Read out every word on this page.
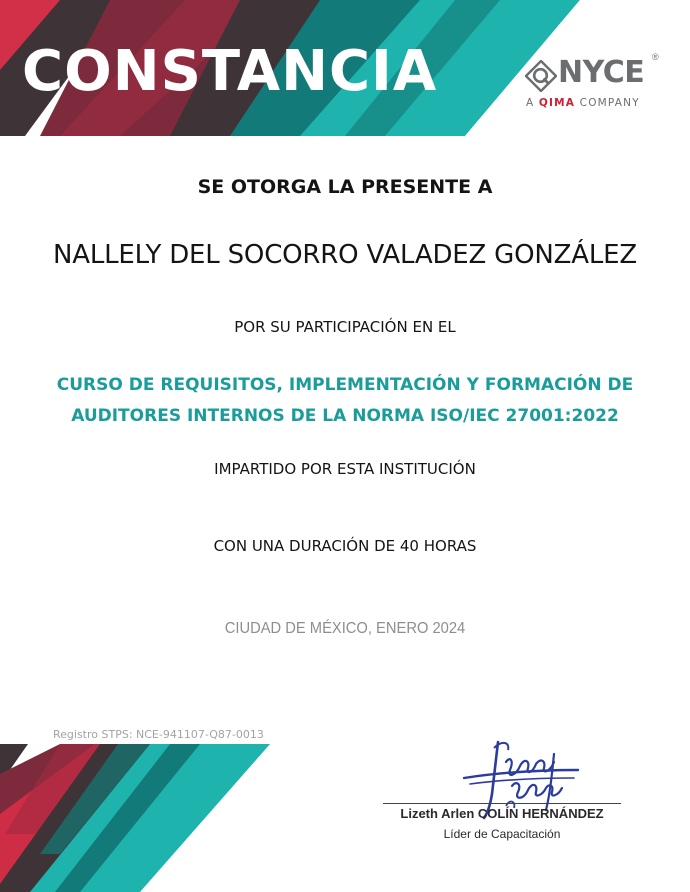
CONSTANCIA	NYCE ®
A QIMA COMPANY
SE OTORGA LA PRESENTE A
NALLELY DEL SOCORRO VALADEZ GONZÁLEZ
POR SU PARTICIPACIÓN EN EL
CURSO DE REQUISITOS, IMPLEMENTACIÓN Y FORMACIÓN DE
AUDITORES INTERNOS DE LA NORMA ISO/IEC 27001:2022
IMPARTIDO POR ESTA INSTITUCIÓN
CON UNA DURACIÓN DE 40 HORAS
CIUDAD DE MÉXICO, ENERO 2024
Registro STPS: NCE-941107-Q87-0013
Lizeth Arlen COLÍN HERNÁNDEZ
Líder de Capacitación
